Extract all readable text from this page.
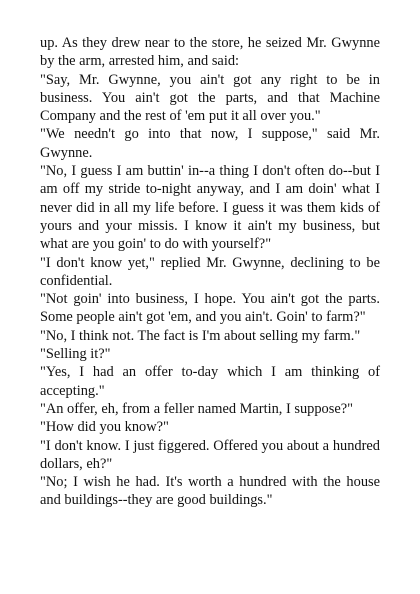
up. As they drew near to the store, he seized Mr. Gwynne by the arm, arrested him, and said:

"Say, Mr. Gwynne, you ain't got any right to be in business. You ain't got the parts, and that Machine Company and the rest of 'em put it all over you."

"We needn't go into that now, I suppose," said Mr. Gwynne.

"No, I guess I am buttin' in--a thing I don't often do--but I am off my stride to-night anyway, and I am doin' what I never did in all my life before. I guess it was them kids of yours and your missis. I know it ain't my business, but what are you goin' to do with yourself?"

"I don't know yet," replied Mr. Gwynne, declining to be confidential.

"Not goin' into business, I hope. You ain't got the parts. Some people ain't got 'em, and you ain't. Goin' to farm?"

"No, I think not. The fact is I'm about selling my farm."

"Selling it?"

"Yes, I had an offer to-day which I am thinking of accepting."

"An offer, eh, from a feller named Martin, I suppose?"

"How did you know?"

"I don't know. I just figgered. Offered you about a hundred dollars, eh?"

"No; I wish he had. It's worth a hundred with the house and buildings--they are good buildings."
